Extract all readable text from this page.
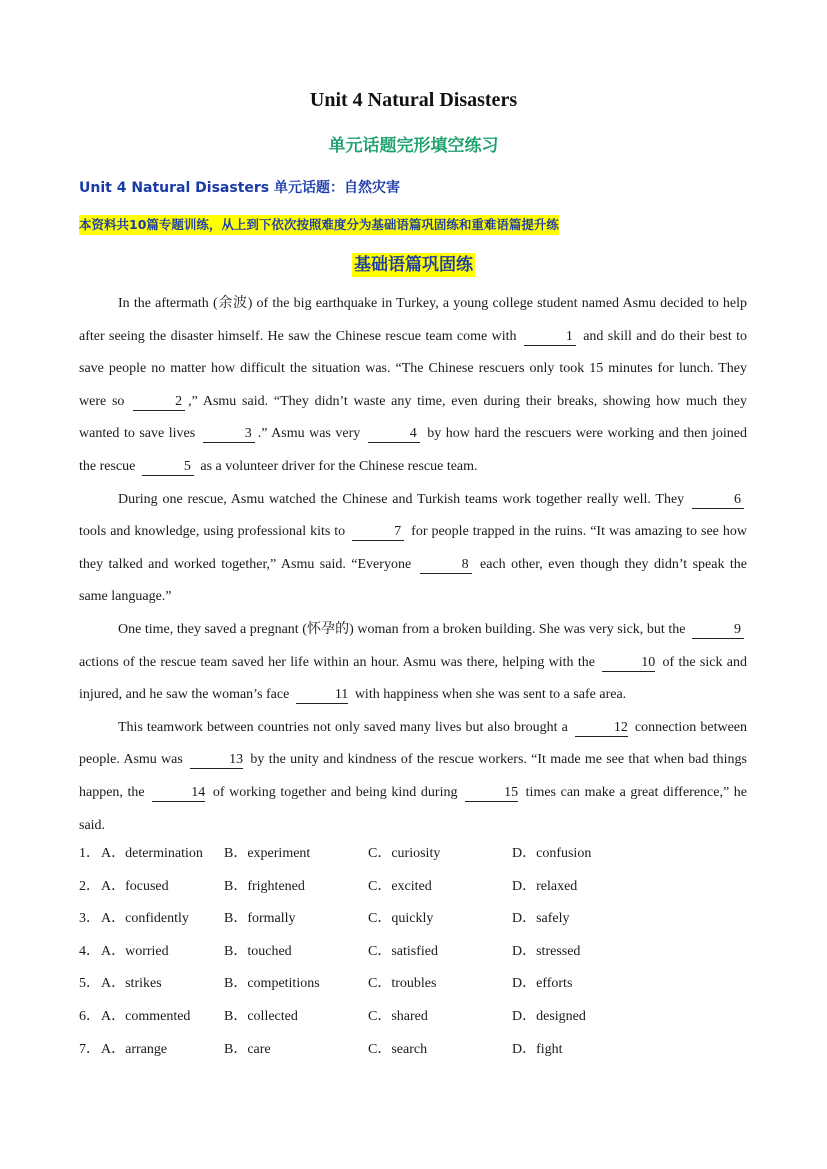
Unit 4 Natural Disasters
单元话题完形填空练习
Unit 4 Natural Disasters 单元话题：自然灾害
本资料共10篇专题训练，从上到下依次按照难度分为基础语篇巩固练和重难语篇提升练
基础语篇巩固练

In the aftermath (余波) of the big earthquake in Turkey, a young college student named Asmu decided to help after seeing the disaster himself. He saw the Chinese rescue team come with	1 and skill and do their best to save people no matter how difficult the situation was. “The Chinese rescuers only took 15 minutes for lunch. They were so	2 ,” Asmu said. “They didn’t waste any time, even during their breaks, showing how much they wanted to save lives	3 .” Asmu was very	4 by how hard the rescuers were working and then joined the rescue	5 as a volunteer driver for the Chinese rescue team.

During one rescue, Asmu watched the Chinese and Turkish teams work together really well. They	6 tools and knowledge, using professional kits to	7 for people trapped in the ruins. “It was amazing to see how they talked and worked together,” Asmu said. “Everyone	8 each other, even though they didn’t speak the same language.”

One time, they saved a pregnant (怀孕的) woman from a broken building. She was very sick, but the	9 actions of the rescue team saved her life within an hour. Asmu was there, helping with the	10 of the sick and injured, and he saw the woman’s face	11 with happiness when she was sent to a safe area.

This teamwork between countries not only saved many lives but also brought a	12 connection between people. Asmu was	13 by the unity and kindness of the rescue workers. “It made me see that when bad things happen, the	14 of working together and being kind during	15 times can make a great difference,” he said.

1． A．determination B．experiment	C．curiosity	D．confusion
2． A．focused	B．frightened	C．excited	D．relaxed
3． A．confidently	B．formally	C．quickly	D．safely
4． A．worried	B．touched	C．satisfied	D．stressed
5． A．strikes	B．competitions	C．troubles	D．efforts
6． A．commented B．collected	C．shared	D．designed
7． A．arrange	B．care	C．search	D．fight
